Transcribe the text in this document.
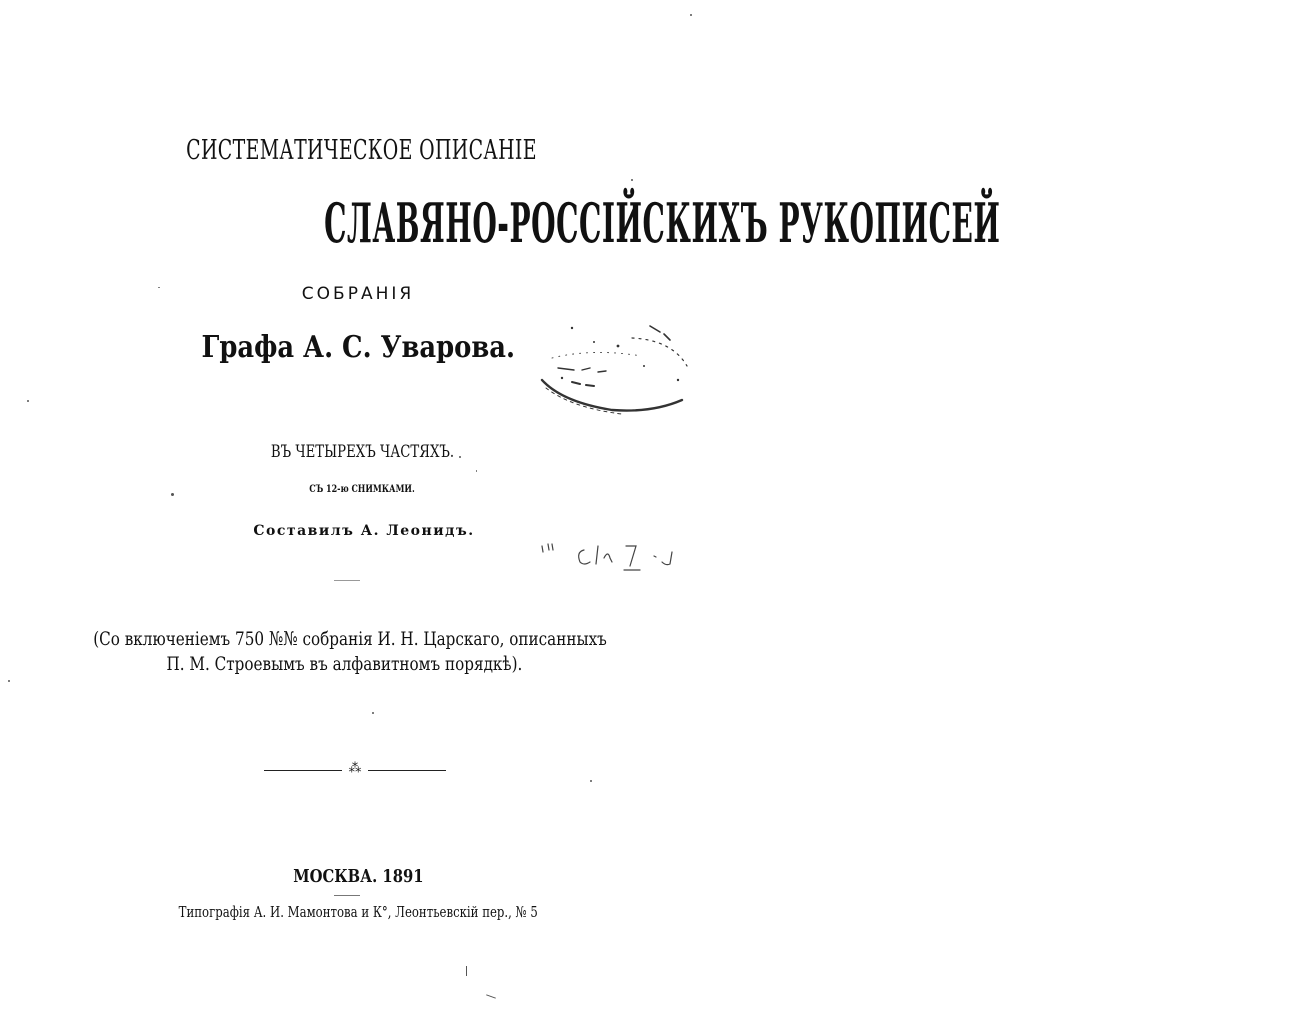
СИСТЕМАТИЧЕСКОЕ ОПИСАНІЕ
СЛАВЯНО-РОССІЙСКИХЪ РУКОПИСЕЙ
СОБРАНІЯ
Графа А. С. Уварова.
ВЪ ЧЕТЫРЕХЪ ЧАСТЯХЪ.
СЪ 12-ю СНИМКАМИ.
Составилъ А. Леонидъ.
(Со включеніемъ 750 №№ собранія И. Н. Царскаго, описанныхъ
П. М. Строевымъ въ алфавитномъ порядкѣ).
⁂
МОСКВА. 1891
Типографія А. И. Мамонтова и К°, Леонтьевскій пер., № 5
